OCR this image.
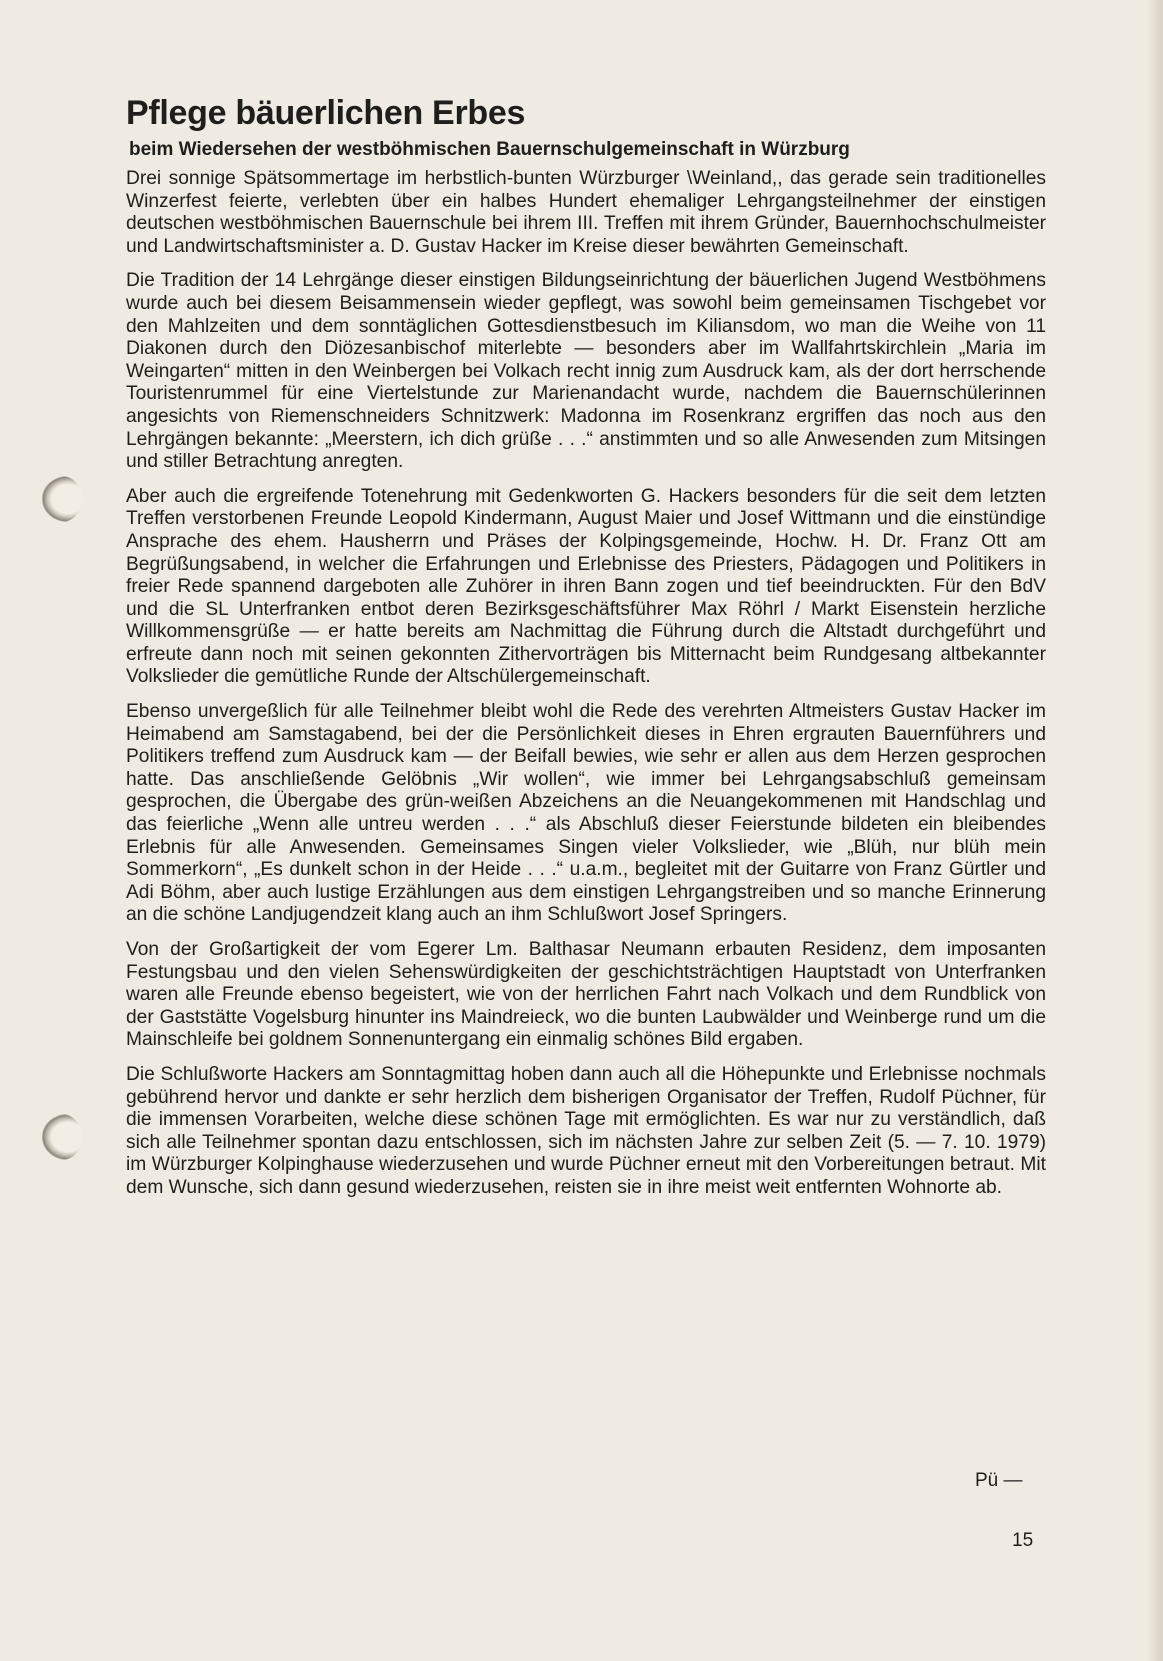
Pflege bäuerlichen Erbes
beim Wiedersehen der westböhmischen Bauernschulgemeinschaft in Würzburg

Drei sonnige Spätsommertage im herbstlich-bunten Würzburger \Weinland,, das gerade sein traditionelles Winzerfest feierte, verlebten über ein halbes Hundert ehemaliger Lehrgangsteilnehmer der einstigen deutschen westböhmischen Bauernschule bei ihrem III. Treffen mit ihrem Gründer, Bauernhochschulmeister und Landwirtschaftsminister a. D. Gustav Hacker im Kreise dieser bewährten Gemeinschaft.

Die Tradition der 14 Lehrgänge dieser einstigen Bildungseinrichtung der bäuerlichen Jugend Westböhmens wurde auch bei diesem Beisammensein wieder gepflegt, was sowohl beim gemeinsamen Tischgebet vor den Mahlzeiten und dem sonntäglichen Gottesdienstbesuch im Kiliansdom, wo man die Weihe von 11 Diakonen durch den Diözesanbischof miterlebte — besonders aber im Wallfahrtskirchlein „Maria im Weingarten“ mitten in den Weinbergen bei Volkach recht innig zum Ausdruck kam, als der dort herrschende Touristenrummel für eine Viertelstunde zur Marienandacht wurde, nachdem die Bauernschülerinnen angesichts von Riemenschneiders Schnitzwerk: Madonna im Rosenkranz ergriffen das noch aus den Lehrgängen bekannte: „Meerstern, ich dich grüße . . .“ anstimmten und so alle Anwesenden zum Mitsingen und stiller Betrachtung anregten.

Aber auch die ergreifende Totenehrung mit Gedenkworten G. Hackers besonders für die seit dem letzten Treffen verstorbenen Freunde Leopold Kindermann, August Maier und Josef Wittmann und die einstündige Ansprache des ehem. Hausherrn und Präses der Kolpingsgemeinde, Hochw. H. Dr. Franz Ott am Begrüßungsabend, in welcher die Erfahrungen und Erlebnisse des Priesters, Pädagogen und Politikers in freier Rede spannend dargeboten alle Zuhörer in ihren Bann zogen und tief beeindruckten. Für den BdV und die SL Unterfranken entbot deren Bezirksgeschäftsführer Max Röhrl / Markt Eisenstein herzliche Willkommensgrüße — er hatte bereits am Nachmittag die Führung durch die Altstadt durchgeführt und erfreute dann noch mit seinen gekonnten Zithervorträgen bis Mitternacht beim Rundgesang altbekannter Volkslieder die gemütliche Runde der Altschülergemeinschaft.

Ebenso unvergeßlich für alle Teilnehmer bleibt wohl die Rede des verehrten Altmeisters Gustav Hacker im Heimabend am Samstagabend, bei der die Persönlichkeit dieses in Ehren ergrauten Bauernführers und Politikers treffend zum Ausdruck kam — der Beifall bewies, wie sehr er allen aus dem Herzen gesprochen hatte. Das anschließende Gelöbnis „Wir wollen“, wie immer bei Lehrgangsabschluß gemeinsam gesprochen, die Übergabe des grün-weißen Abzeichens an die Neuangekommenen mit Handschlag und das feierliche „Wenn alle untreu werden . . .“ als Abschluß dieser Feierstunde bildeten ein bleibendes Erlebnis für alle Anwesenden. Gemeinsames Singen vieler Volkslieder, wie „Blüh, nur blüh mein Sommerkorn“, „Es dunkelt schon in der Heide . . .“ u.a.m., begleitet mit der Guitarre von Franz Gürtler und Adi Böhm, aber auch lustige Erzählungen aus dem einstigen Lehrgangstreiben und so manche Erinnerung an die schöne Landjugendzeit klang auch an ihm Schlußwort Josef Springers.

Von der Großartigkeit der vom Egerer Lm. Balthasar Neumann erbauten Residenz, dem imposanten Festungsbau und den vielen Sehenswürdigkeiten der geschichtsträchtigen Hauptstadt von Unterfranken waren alle Freunde ebenso begeistert, wie von der herrlichen Fahrt nach Volkach und dem Rundblick von der Gaststätte Vogelsburg hinunter ins Maindreieck, wo die bunten Laubwälder und Weinberge rund um die Mainschleife bei goldnem Sonnenuntergang ein einmalig schönes Bild ergaben.

Die Schlußworte Hackers am Sonntagmittag hoben dann auch all die Höhepunkte und Erlebnisse nochmals gebührend hervor und dankte er sehr herzlich dem bisherigen Organisator der Treffen, Rudolf Püchner, für die immensen Vorarbeiten, welche diese schönen Tage mit ermöglichten. Es war nur zu verständlich, daß sich alle Teilnehmer spontan dazu entschlossen, sich im nächsten Jahre zur selben Zeit (5. — 7. 10. 1979) im Würzburger Kolpinghause wiederzusehen und wurde Püchner erneut mit den Vorbereitungen betraut. Mit dem Wunsche, sich dann gesund wiederzusehen, reisten sie in ihre meist weit entfernten Wohnorte ab.

Pü —
15
